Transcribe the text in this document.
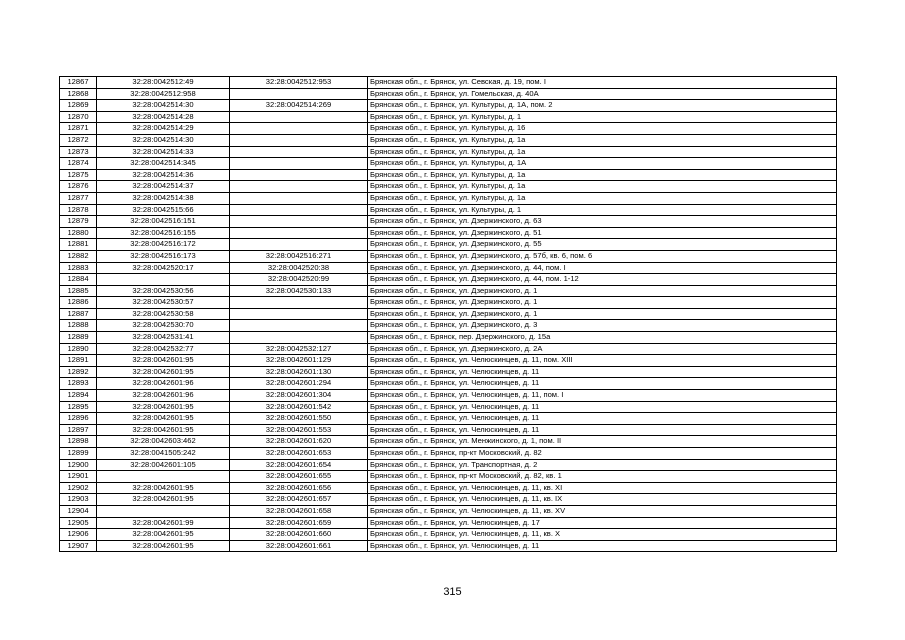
12867	32:28:0042512:49	32:28:0042512:953	Брянская обл., г. Брянск, ул. Севская, д. 19, пом. I
12868	32:28:0042512:958		Брянская обл., г. Брянск, ул. Гомельская, д. 40А
12869	32:28:0042514:30	32:28:0042514:269	Брянская обл., г. Брянск, ул. Культуры, д. 1А, пом. 2
12870	32:28:0042514:28		Брянская обл., г. Брянск, ул. Культуры, д. 1
12871	32:28:0042514:29		Брянская обл., г. Брянск, ул. Культуры, д. 16
12872	32:28:0042514:30		Брянская обл., г. Брянск, ул. Культуры, д. 1а
12873	32:28:0042514:33		Брянская обл., г. Брянск, ул. Культуры, д. 1а
12874	32:28:0042514:345		Брянская обл., г. Брянск, ул. Культуры, д. 1А
12875	32:28:0042514:36		Брянская обл., г. Брянск, ул. Культуры, д. 1а
12876	32:28:0042514:37		Брянская обл., г. Брянск, ул. Культуры, д. 1а
12877	32:28:0042514:38		Брянская обл., г. Брянск, ул. Культуры, д. 1а
12878	32:28:0042515:66		Брянская обл., г. Брянск, ул. Культуры, д. 1
12879	32:28:0042516:151		Брянская обл., г. Брянск, ул. Дзержинского, д. 63
12880	32:28:0042516:155		Брянская обл., г. Брянск, ул. Дзержинского, д. 51
12881	32:28:0042516:172		Брянская обл., г. Брянск, ул. Дзержинского, д. 55
12882	32:28:0042516:173	32:28:0042516:271	Брянская обл., г. Брянск, ул. Дзержинского, д. 57б, кв. 6, пом. 6
12883	32:28:0042520:17	32:28:0042520:38	Брянская обл., г. Брянск, ул. Дзержинского, д. 44, пом. I
12884		32:28:0042520:99	Брянская обл., г. Брянск, ул. Дзержинского, д. 44, пом. 1-12
12885	32:28:0042530:56	32:28:0042530:133	Брянская обл., г. Брянск, ул. Дзержинского, д. 1
12886	32:28:0042530:57		Брянская обл., г. Брянск, ул. Дзержинского, д. 1
12887	32:28:0042530:58		Брянская обл., г. Брянск, ул. Дзержинского, д. 1
12888	32:28:0042530:70		Брянская обл., г. Брянск, ул. Дзержинского, д. 3
12889	32:28:0042531:41		Брянская обл., г. Брянск, пер. Дзержинского, д. 15а
12890	32:28:0042532:77	32:28:0042532:127	Брянская обл., г. Брянск, ул. Дзержинского, д. 2А
12891	32:28:0042601:95	32:28:0042601:129	Брянская обл., г. Брянск, ул. Челюскинцев, д. 11, пом. XIII
12892	32:28:0042601:95	32:28:0042601:130	Брянская обл., г. Брянск, ул. Челюскинцев, д. 11
12893	32:28:0042601:96	32:28:0042601:294	Брянская обл., г. Брянск, ул. Челюскинцев, д. 11
12894	32:28:0042601:96	32:28:0042601:304	Брянская обл., г. Брянск, ул. Челюскинцев, д. 11, пом. I
12895	32:28:0042601:95	32:28:0042601:542	Брянская обл., г. Брянск, ул. Челюскинцев, д. 11
12896	32:28:0042601:95	32:28:0042601:550	Брянская обл., г. Брянск, ул. Челюскинцев, д. 11
12897	32:28:0042601:95	32:28:0042601:553	Брянская обл., г. Брянск, ул. Челюскинцев, д. 11
12898	32:28:0042603:462	32:28:0042601:620	Брянская обл., г. Брянск, ул. Менжинского, д. 1, пом. II
12899	32:28:0041505:242	32:28:0042601:653	Брянская обл., г. Брянск, пр-кт Московский, д. 82
12900	32:28:0042601:105	32:28:0042601:654	Брянская обл., г. Брянск, ул. Транспортная, д. 2
12901		32:28:0042601:655	Брянская обл., г. Брянск, пр-кт Московский, д. 82, кв. 1
12902	32:28:0042601:95	32:28:0042601:656	Брянская обл., г. Брянск, ул. Челюскинцев, д. 11, кв. XI
12903	32:28:0042601:95	32:28:0042601:657	Брянская обл., г. Брянск, ул. Челюскинцев, д. 11, кв. IX
12904		32:28:0042601:658	Брянская обл., г. Брянск, ул. Челюскинцев, д. 11, кв. XV
12905	32:28:0042601:99	32:28:0042601:659	Брянская обл., г. Брянск, ул. Челюскинцев, д. 17
12906	32:28:0042601:95	32:28:0042601:660	Брянская обл., г. Брянск, ул. Челюскинцев, д. 11, кв. X
12907	32:28:0042601:95	32:28:0042601:661	Брянская обл., г. Брянск, ул. Челюскинцев, д. 11
315
